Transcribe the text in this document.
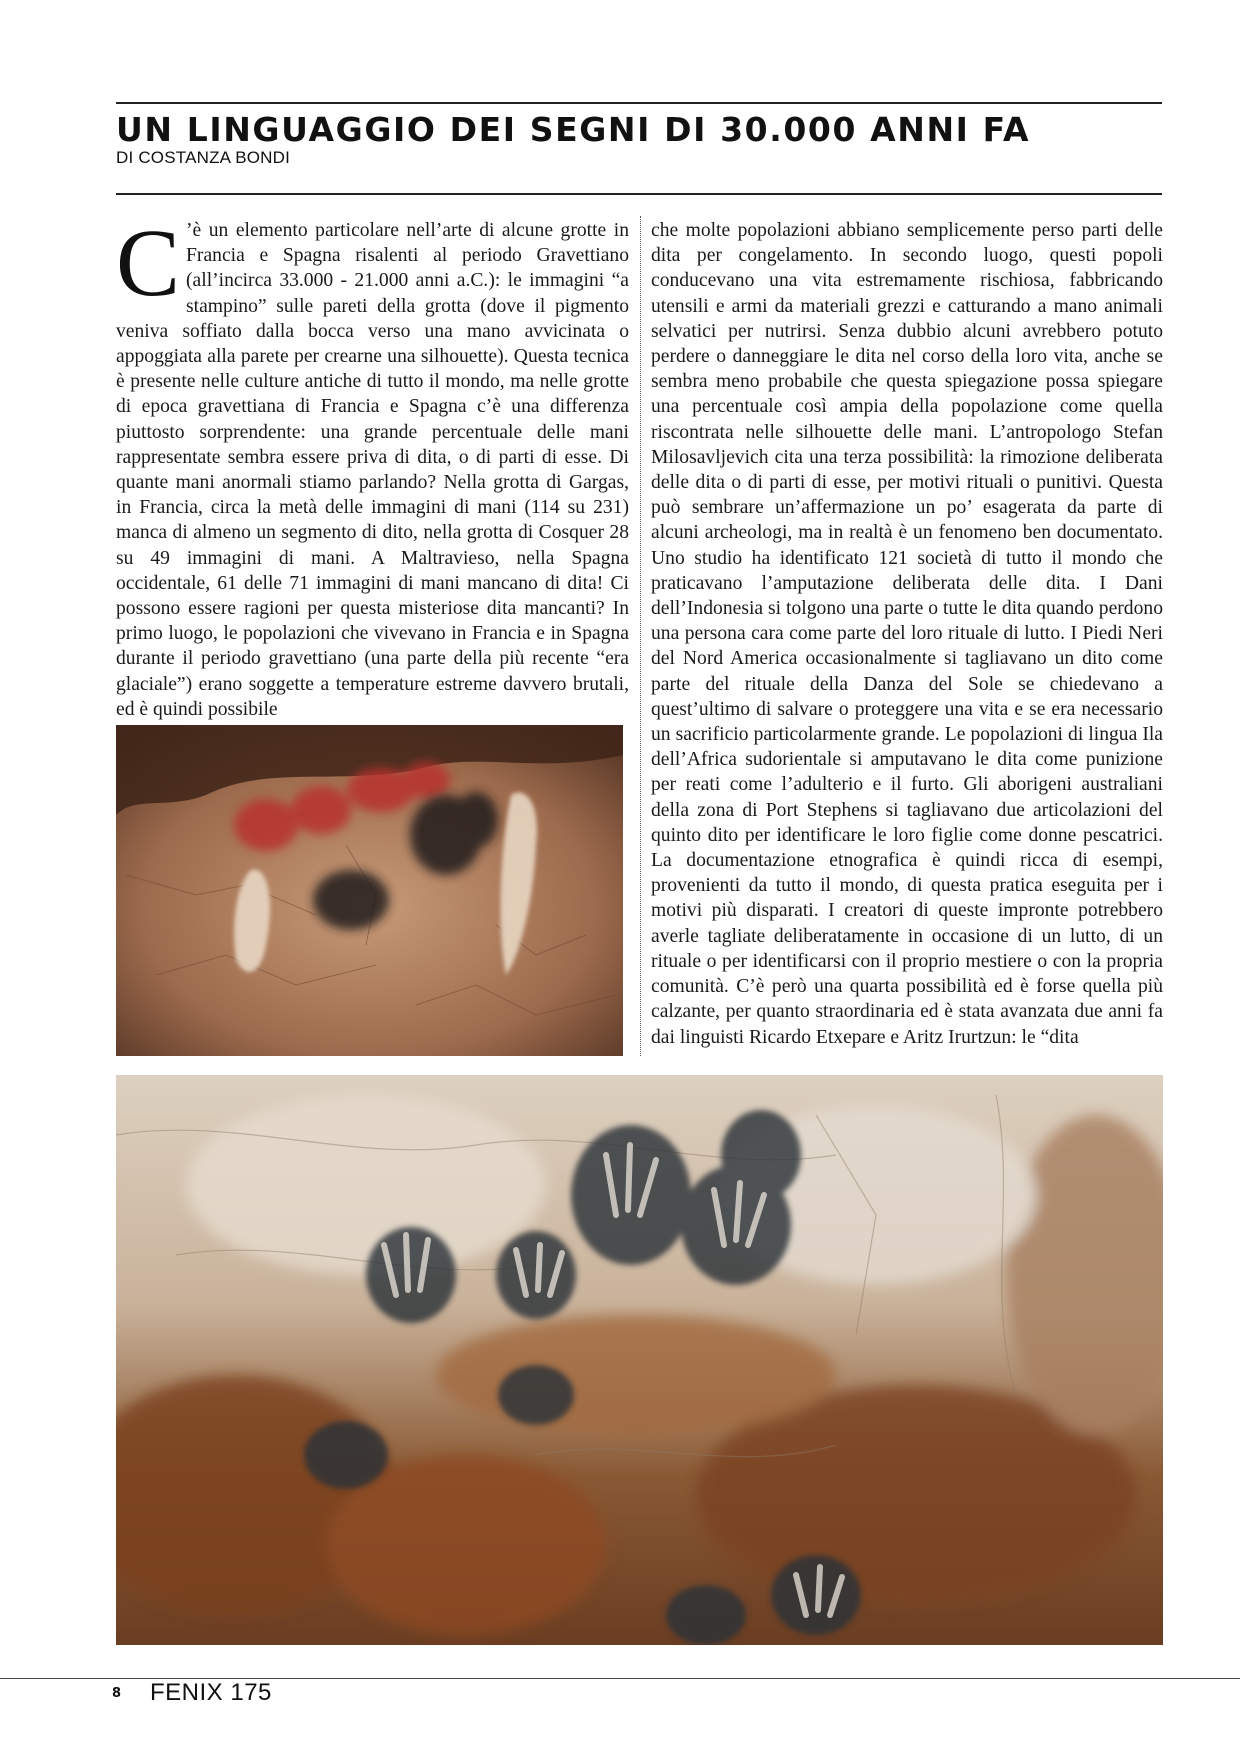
UN LINGUAGGIO DEI SEGNI DI 30.000 ANNI FA
DI COSTANZA BONDI

C ’è un elemento particolare nell’arte di alcune grotte in Francia e Spagna risalenti al periodo Gravettiano (all’incirca 33.000 - 21.000 anni a.C.): le immagini “a stampino” sulle pareti della grotta (dove il pigmento veniva soffiato dalla bocca verso una mano avvicinata o appoggiata alla parete per crearne una silhouette). Questa tecnica è presente nelle culture antiche di tutto il mondo, ma nelle grotte di epoca gravettiana di Francia e Spagna c’è una differenza piuttosto sorprendente: una grande percentuale delle mani rappresentate sembra essere priva di dita, o di parti di esse. Di quante mani anormali stiamo parlando? Nella grotta di Gargas, in Francia, circa la metà delle immagini di mani (114 su 231) manca di almeno un segmento di dito, nella grotta di Cosquer 28 su 49 immagini di mani. A Maltravieso, nella Spagna occidentale, 61 delle 71 immagini di mani mancano di dita! Ci possono essere ragioni per questa misteriose dita mancanti? In primo luogo, le popolazioni che vivevano in Francia e in Spagna durante il periodo gravettiano (una parte della più recente “era glaciale”) erano soggette a temperature estreme davvero brutali, ed è quindi possibile

che molte popolazioni abbiano semplicemente perso parti delle dita per congelamento. In secondo luogo, questi popoli conducevano una vita estremamente rischiosa, fabbricando utensili e armi da materiali grezzi e catturando a mano animali selvatici per nutrirsi. Senza dubbio alcuni avrebbero potuto perdere o danneggiare le dita nel corso della loro vita, anche se sembra meno probabile che questa spiegazione possa spiegare una percentuale così ampia della popolazione come quella riscontrata nelle silhouette delle mani. L’antropologo Stefan Milosavljevich cita una terza possibilità: la rimozione deliberata delle dita o di parti di esse, per motivi rituali o punitivi. Questa può sembrare un’affermazione un po’ esagerata da parte di alcuni archeologi, ma in realtà è un fenomeno ben documentato. Uno studio ha identificato 121 società di tutto il mondo che praticavano l’amputazione deliberata delle dita. I Dani dell’Indonesia si tolgono una parte o tutte le dita quando perdono una persona cara come parte del loro rituale di lutto. I Piedi Neri del Nord America occasionalmente si tagliavano un dito come parte del rituale della Danza del Sole se chiedevano a quest’ultimo di salvare o proteggere una vita e se era necessario un sacrificio particolarmente grande. Le popolazioni di lingua Ila dell’Africa sudorientale si amputavano le dita come punizione per reati come l’adulterio e il furto. Gli aborigeni australiani della zona di Port Stephens si tagliavano due articolazioni del quinto dito per identificare le loro figlie come donne pescatrici. La documentazione etnografica è quindi ricca di esempi, provenienti da tutto il mondo, di questa pratica eseguita per i motivi più disparati. I creatori di queste impronte potrebbero averle tagliate deliberatamente in occasione di un lutto, di un rituale o per identificarsi con il proprio mestiere o con la propria comunità. C’è però una quarta possibilità ed è forse quella più calzante, per quanto straordinaria ed è stata avanzata due anni fa dai linguisti Ricardo Etxepare e Aritz Irurtzun: le “dita

8 FENIX 175
